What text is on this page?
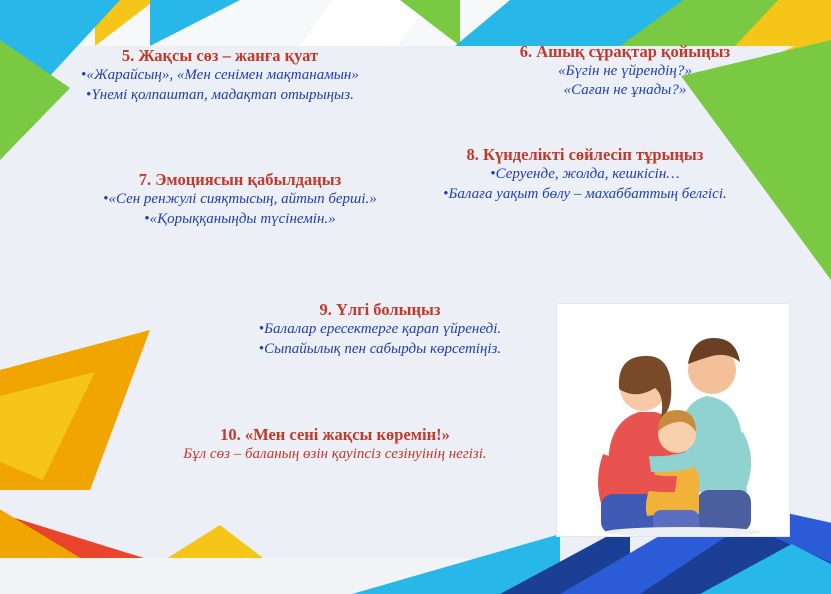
5. Жақсы сөз – жанға қуат
•«Жарайсың», «Мен сенімен мақтанамын»
•Үнемі қолпаштап, мадақтап отырыңыз.
6. Ашық сұрақтар қойыңыз
«Бүгін не үйрендің?»
«Саған не ұнады?»
7. Эмоциясын қабылдаңыз
•«Сен ренжулі сияқтысың, айтып берші.»
•«Қорыққаныңды түсінемін.»
8. Күнделікті сөйлесіп тұрыңыз
•Серуенде, жолда, кешкісін…
•Балаға уақыт бөлу – махаббаттың белгісі.
9. Үлгі болыңыз
•Балалар ересектерге қарап үйренеді.
•Сыпайылық пен сабырды көрсетіңіз.
10. «Мен сені жақсы көремін!»
Бұл сөз – баланың өзін қауіпсіз сезінуінің негізі.
